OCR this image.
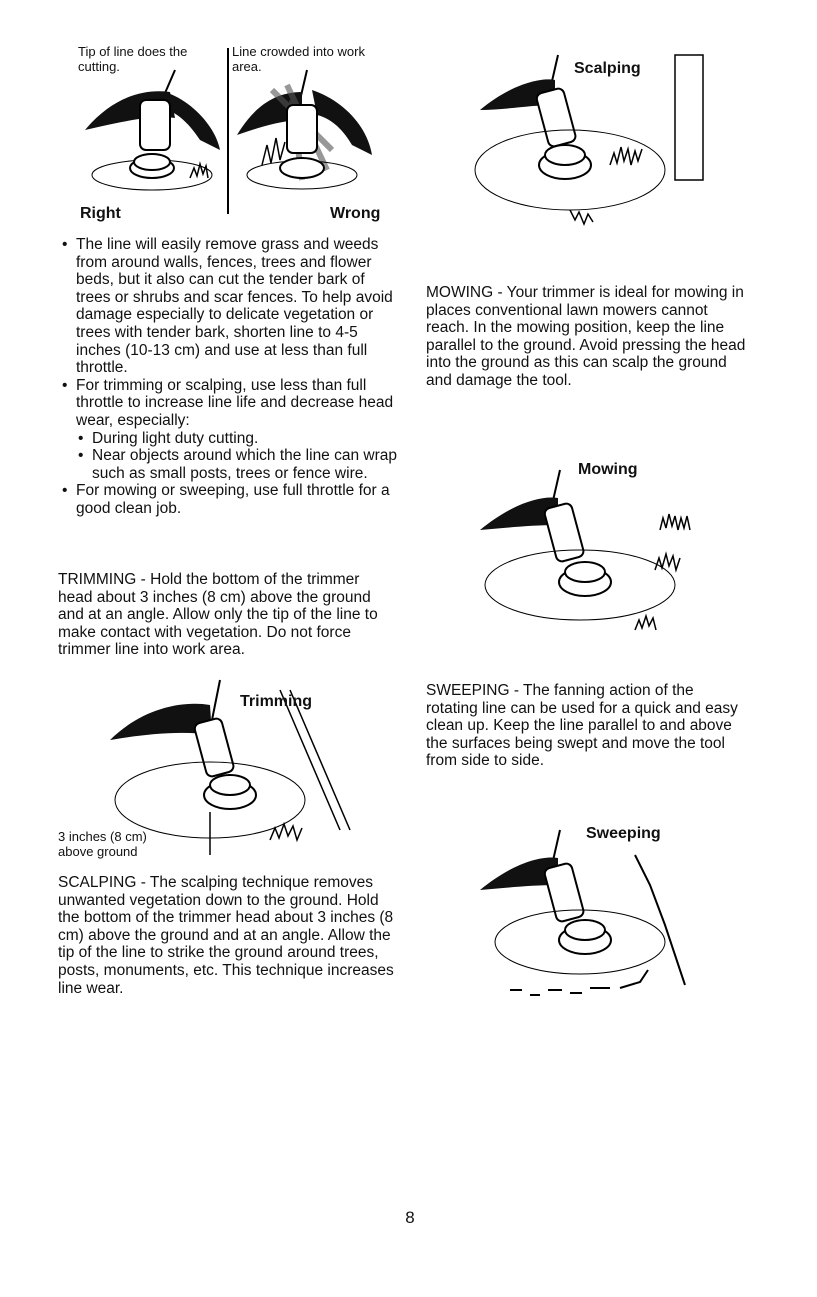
Tip of line does the cutting.
Line crowded into work area.
Right	Wrong
• The line will easily remove grass and weeds from around walls, fences, trees and flower beds, but it also can cut the tender bark of trees or shrubs and scar fences. To help avoid damage especially to delicate vegetation or trees with tender bark, shorten line to 4-5 inches (10-13 cm) and use at less than full throttle.
• For trimming or scalping, use less than full throttle to increase line life and decrease head wear, especially:
• During light duty cutting.
• Near objects around which the line can wrap such as small posts, trees or fence wire.
• For mowing or sweeping, use full throttle for a good clean job.
TRIMMING - Hold the bottom of the trimmer head about 3 inches (8 cm) above the ground and at an angle. Allow only the tip of the line to make contact with vegetation. Do not force trimmer line into work area.
Trimming
3 inches (8 cm) above ground
SCALPING - The scalping technique removes unwanted vegetation down to the ground. Hold the bottom of the trimmer head about 3 inches (8 cm) above the ground and at an angle. Allow the tip of the line to strike the ground around trees, posts, monuments, etc. This technique increases line wear.
Scalping
MOWING - Your trimmer is ideal for mowing in places conventional lawn mowers cannot reach. In the mowing position, keep the line parallel to the ground. Avoid pressing the head into the ground as this can scalp the ground and damage the tool.
Mowing
SWEEPING - The fanning action of the rotating line can be used for a quick and easy clean up. Keep the line parallel to and above the surfaces being swept and move the tool from side to side.
Sweeping
8
